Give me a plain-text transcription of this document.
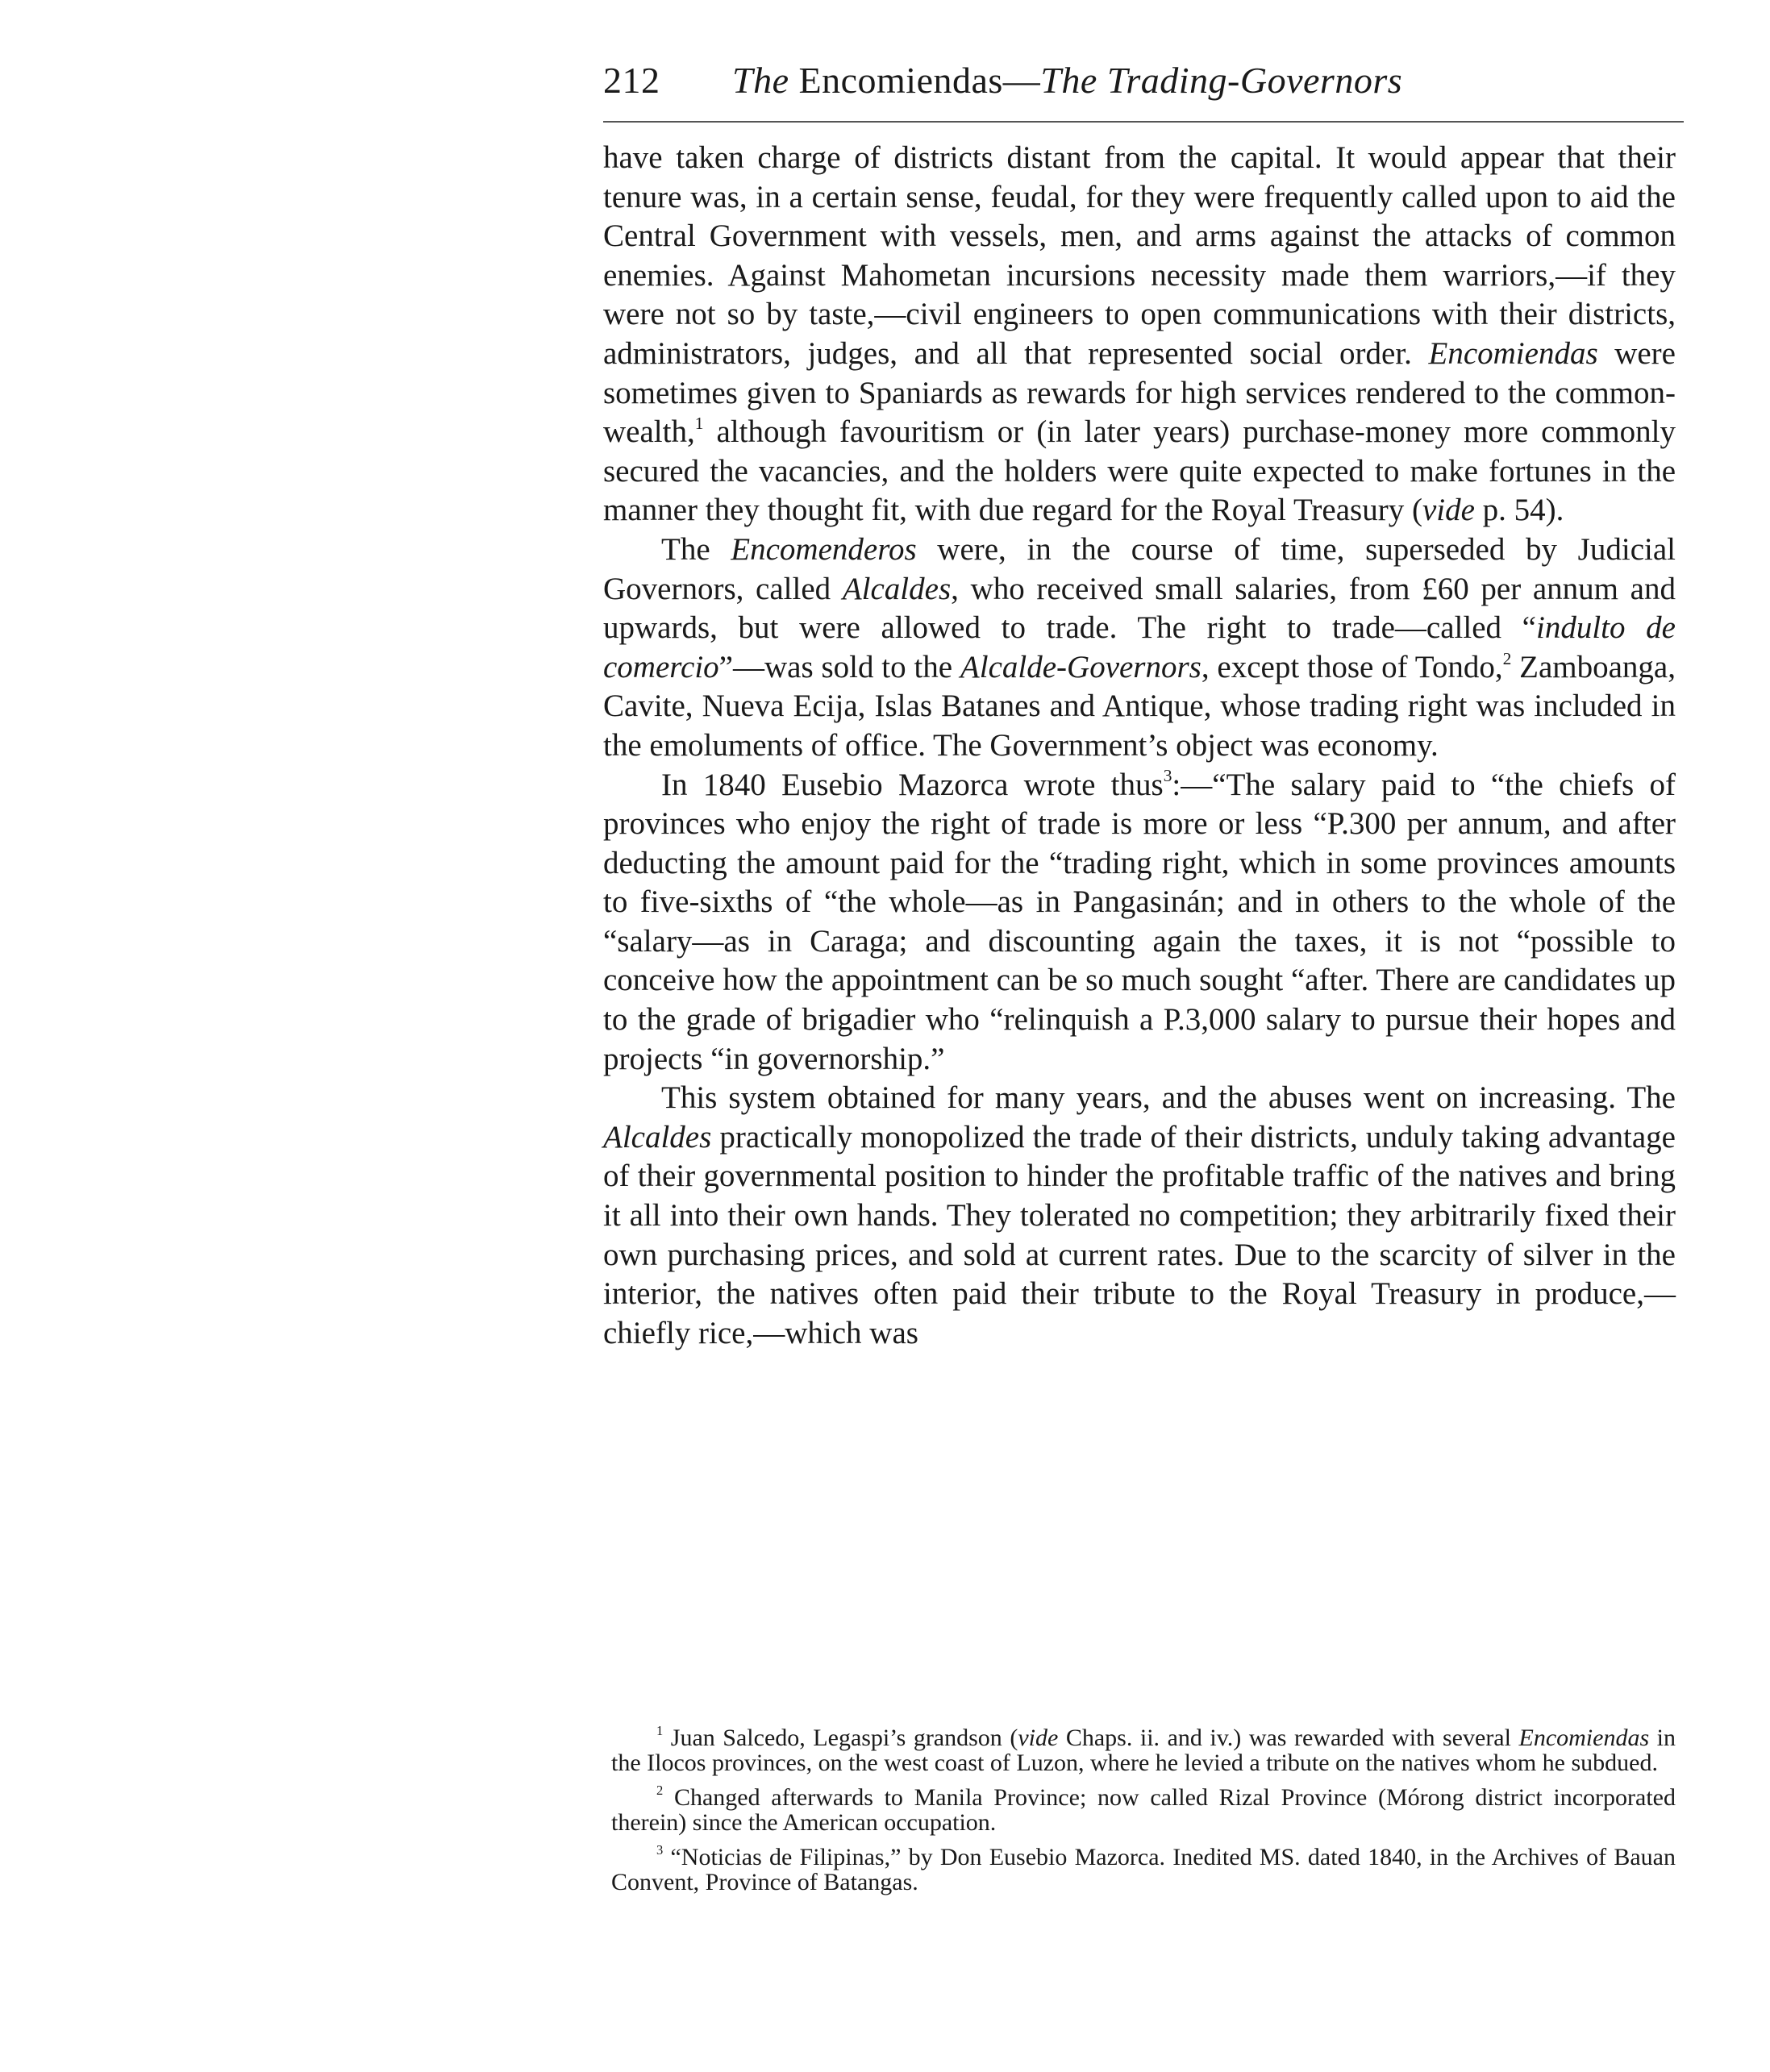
212 The Encomiendas—The Trading-Governors

have taken charge of districts distant from the capital. It would appear that their tenure was, in a certain sense, feudal, for they were frequently called upon to aid the Central Government with vessels, men, and arms against the attacks of common enemies. Against Mahometan incursions necessity made them warriors,—if they were not so by taste,—civil engineers to open communications with their districts, administrators, judges, and all that represented social order. Encomiendas were sometimes given to Spaniards as rewards for high services rendered to the commonwealth,$^1$ although favouritism or (in later years) purchase-money more commonly secured the vacancies, and the holders were quite expected to make fortunes in the manner they thought fit, with due regard for the Royal Treasury (vide p. 54).

The Encomenderos were, in the course of time, superseded by Judicial Governors, called Alcaldes, who received small salaries, from £60 per annum and upwards, but were allowed to trade. The right to trade—called “indulto de comercio”—was sold to the Alcalde-Governors, except those of Tondo,$^2$ Zamboanga, Cavite, Nueva Ecija, Islas Batanes and Antique, whose trading right was included in the emoluments of office. The Government’s object was economy.

In 1840 Eusebio Mazorca wrote thus$^3$:—“The salary paid to “the chiefs of provinces who enjoy the right of trade is more or less “P.300 per annum, and after deducting the amount paid for the “trading right, which in some provinces amounts to five-sixths of “the whole—as in Pangasinán; and in others to the whole of the “salary—as in Caraga; and discounting again the taxes, it is not “possible to conceive how the appointment can be so much sought “after. There are candidates up to the grade of brigadier who “relinquish a P.3,000 salary to pursue their hopes and projects “in governorship.”

This system obtained for many years, and the abuses went on increasing. The Alcaldes practically monopolized the trade of their districts, unduly taking advantage of their governmental position to hinder the profitable traffic of the natives and bring it all into their own hands. They tolerated no competition; they arbitrarily fixed their own purchasing prices, and sold at current rates. Due to the scarcity of silver in the interior, the natives often paid their tribute to the Royal Treasury in produce,—chiefly rice,—which was

$^1$ Juan Salcedo, Legaspi’s grandson (vide Chaps. ii. and iv.) was rewarded with several Encomiendas in the Ilocos provinces, on the west coast of Luzon, where he levied a tribute on the natives whom he subdued.

$^2$ Changed afterwards to Manila Province; now called Rizal Province (Mórong district incorporated therein) since the American occupation.

$^3$ “Noticias de Filipinas,” by Don Eusebio Mazorca. Inedited MS. dated 1840, in the Archives of Bauan Convent, Province of Batangas.
